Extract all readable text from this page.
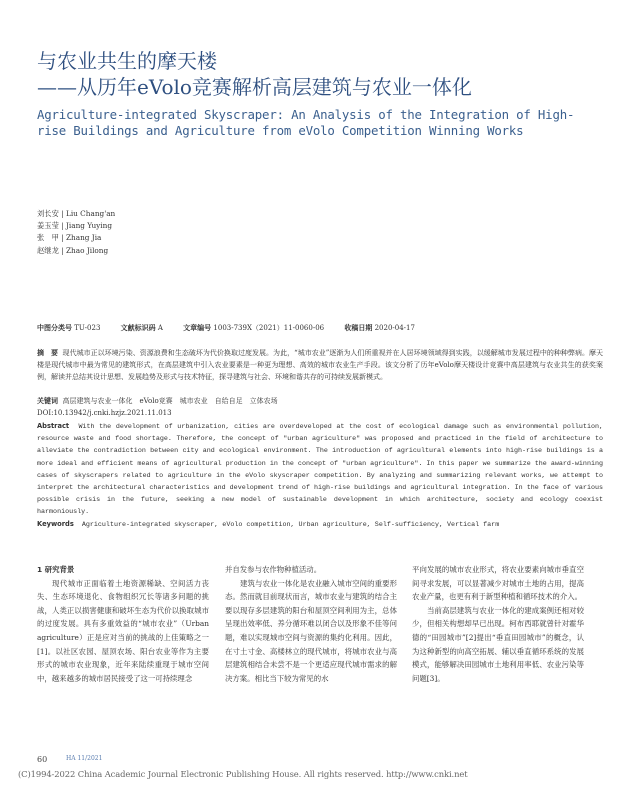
与农业共生的摩天楼
——从历年eVolo竞赛解析高层建筑与农业一体化
Agriculture-integrated Skyscraper: An Analysis of the Integration of High-
rise Buildings and Agriculture from eVolo Competition Winning Works
刘长安 | Liu Chang'an
姜玉莹 | Jiang Yuying
张　甲 | Zhang Jia
赵继龙 | Zhao Jilong
中图分类号 TU-023	文献标识码 A	文章编号 1003-739X（2021）11-0060-06	收稿日期 2020-04-17
摘　要 现代城市正以环境污染、资源浪费和生态破坏为代价换取过度发展。为此，“城市农业”逐渐为人们所重视并在人居环境领域得到实践，以缓解城市发展过程中的种种弊病。摩天楼是现代城市中最为常见的建筑形式，在高层建筑中引入农业要素是一种更为理想、高效的城市农业生产手段。该文分析了历年eVolo摩天楼设计竞赛中高层建筑与农业共生的获奖案例，解读并总结其设计思想、发展趋势及形式与技术特征，探寻建筑与社会、环境和谐共存的可持续发展新模式。
关键词 高层建筑与农业一体化　eVolo竞赛　城市农业　自给自足　立体农场
DOI:10.13942/j.cnki.hzjz.2021.11.013
Abstract With the development of urbanization, cities are overdeveloped at the cost of ecological damage such as environmental pollution, resource waste and food shortage. Therefore, the concept of "urban agriculture" was proposed and practiced in the field of architecture to alleviate the contradiction between city and ecological environment. The introduction of agricultural elements into high-rise buildings is a more ideal and efficient means of agricultural production in the concept of "urban agriculture". In this paper we summarize the award-winning cases of skyscrapers related to agriculture in the eVolo skyscraper competition. By analyzing and summarizing relevant works, we attempt to interpret the architectural characteristics and development trend of high-rise buildings and agricultural integration. In the face of various possible crisis in the future, seeking a new model of sustainable development in which architecture, society and ecology coexist harmoniously.
Keywords Agriculture-integrated skyscraper, eVolo competition, Urban agriculture, Self-sufficiency, Vertical farm
1 研究背景

现代城市正面临着土地资源稀缺、空间活力丧失、生态环境退化、食物组织冗长等诸多问题的挑战，人类正以损害健康和破坏生态为代价以换取城市的过度发展。具有多重效益的“城市农业”（Urban agriculture）正是应对当前的挑战的上佳策略之一[1]。以社区农园、屋顶农场、阳台农业等作为主要形式的城市农业现象，近年来陆续重现于城市空间中，越来越多的城市居民接受了这一可持续理念

并自发参与农作物种植活动。

建筑与农业一体化是农业融入城市空间的重要形态。然而就目前现状而言，城市农业与建筑的结合主要以现存多层建筑的阳台和屋顶空间利用为主，总体呈现出效率低、养分循环难以闭合以及形象不佳等问题，难以实现城市空间与资源的集约化利用。因此，在寸土寸金、高楼林立的现代城市，将城市农业与高层建筑相结合未尝不是一个更适应现代城市需求的解决方案。相比当下较为常见的水

平向发展的城市农业形式，将农业要素向城市垂直空间寻求发展，可以显著减少对城市土地的占用，提高农业产量，也更有利于新型种植和循环技术的介入。

当前高层建筑与农业一体化的建成案例还相对较少，但相关构想却早已出现。柯布西耶就曾针对霍华德的“田园城市”[2]提出“垂直田园城市”的概念，认为这种新型的向高空拓展、辅以垂直循环系统的发展模式，能够解决田园城市土地利用率低、农业污染等问题[3]。

60	HA 11/2021
(C)1994-2022 China Academic Journal Electronic Publishing House. All rights reserved. http://www.cnki.net
